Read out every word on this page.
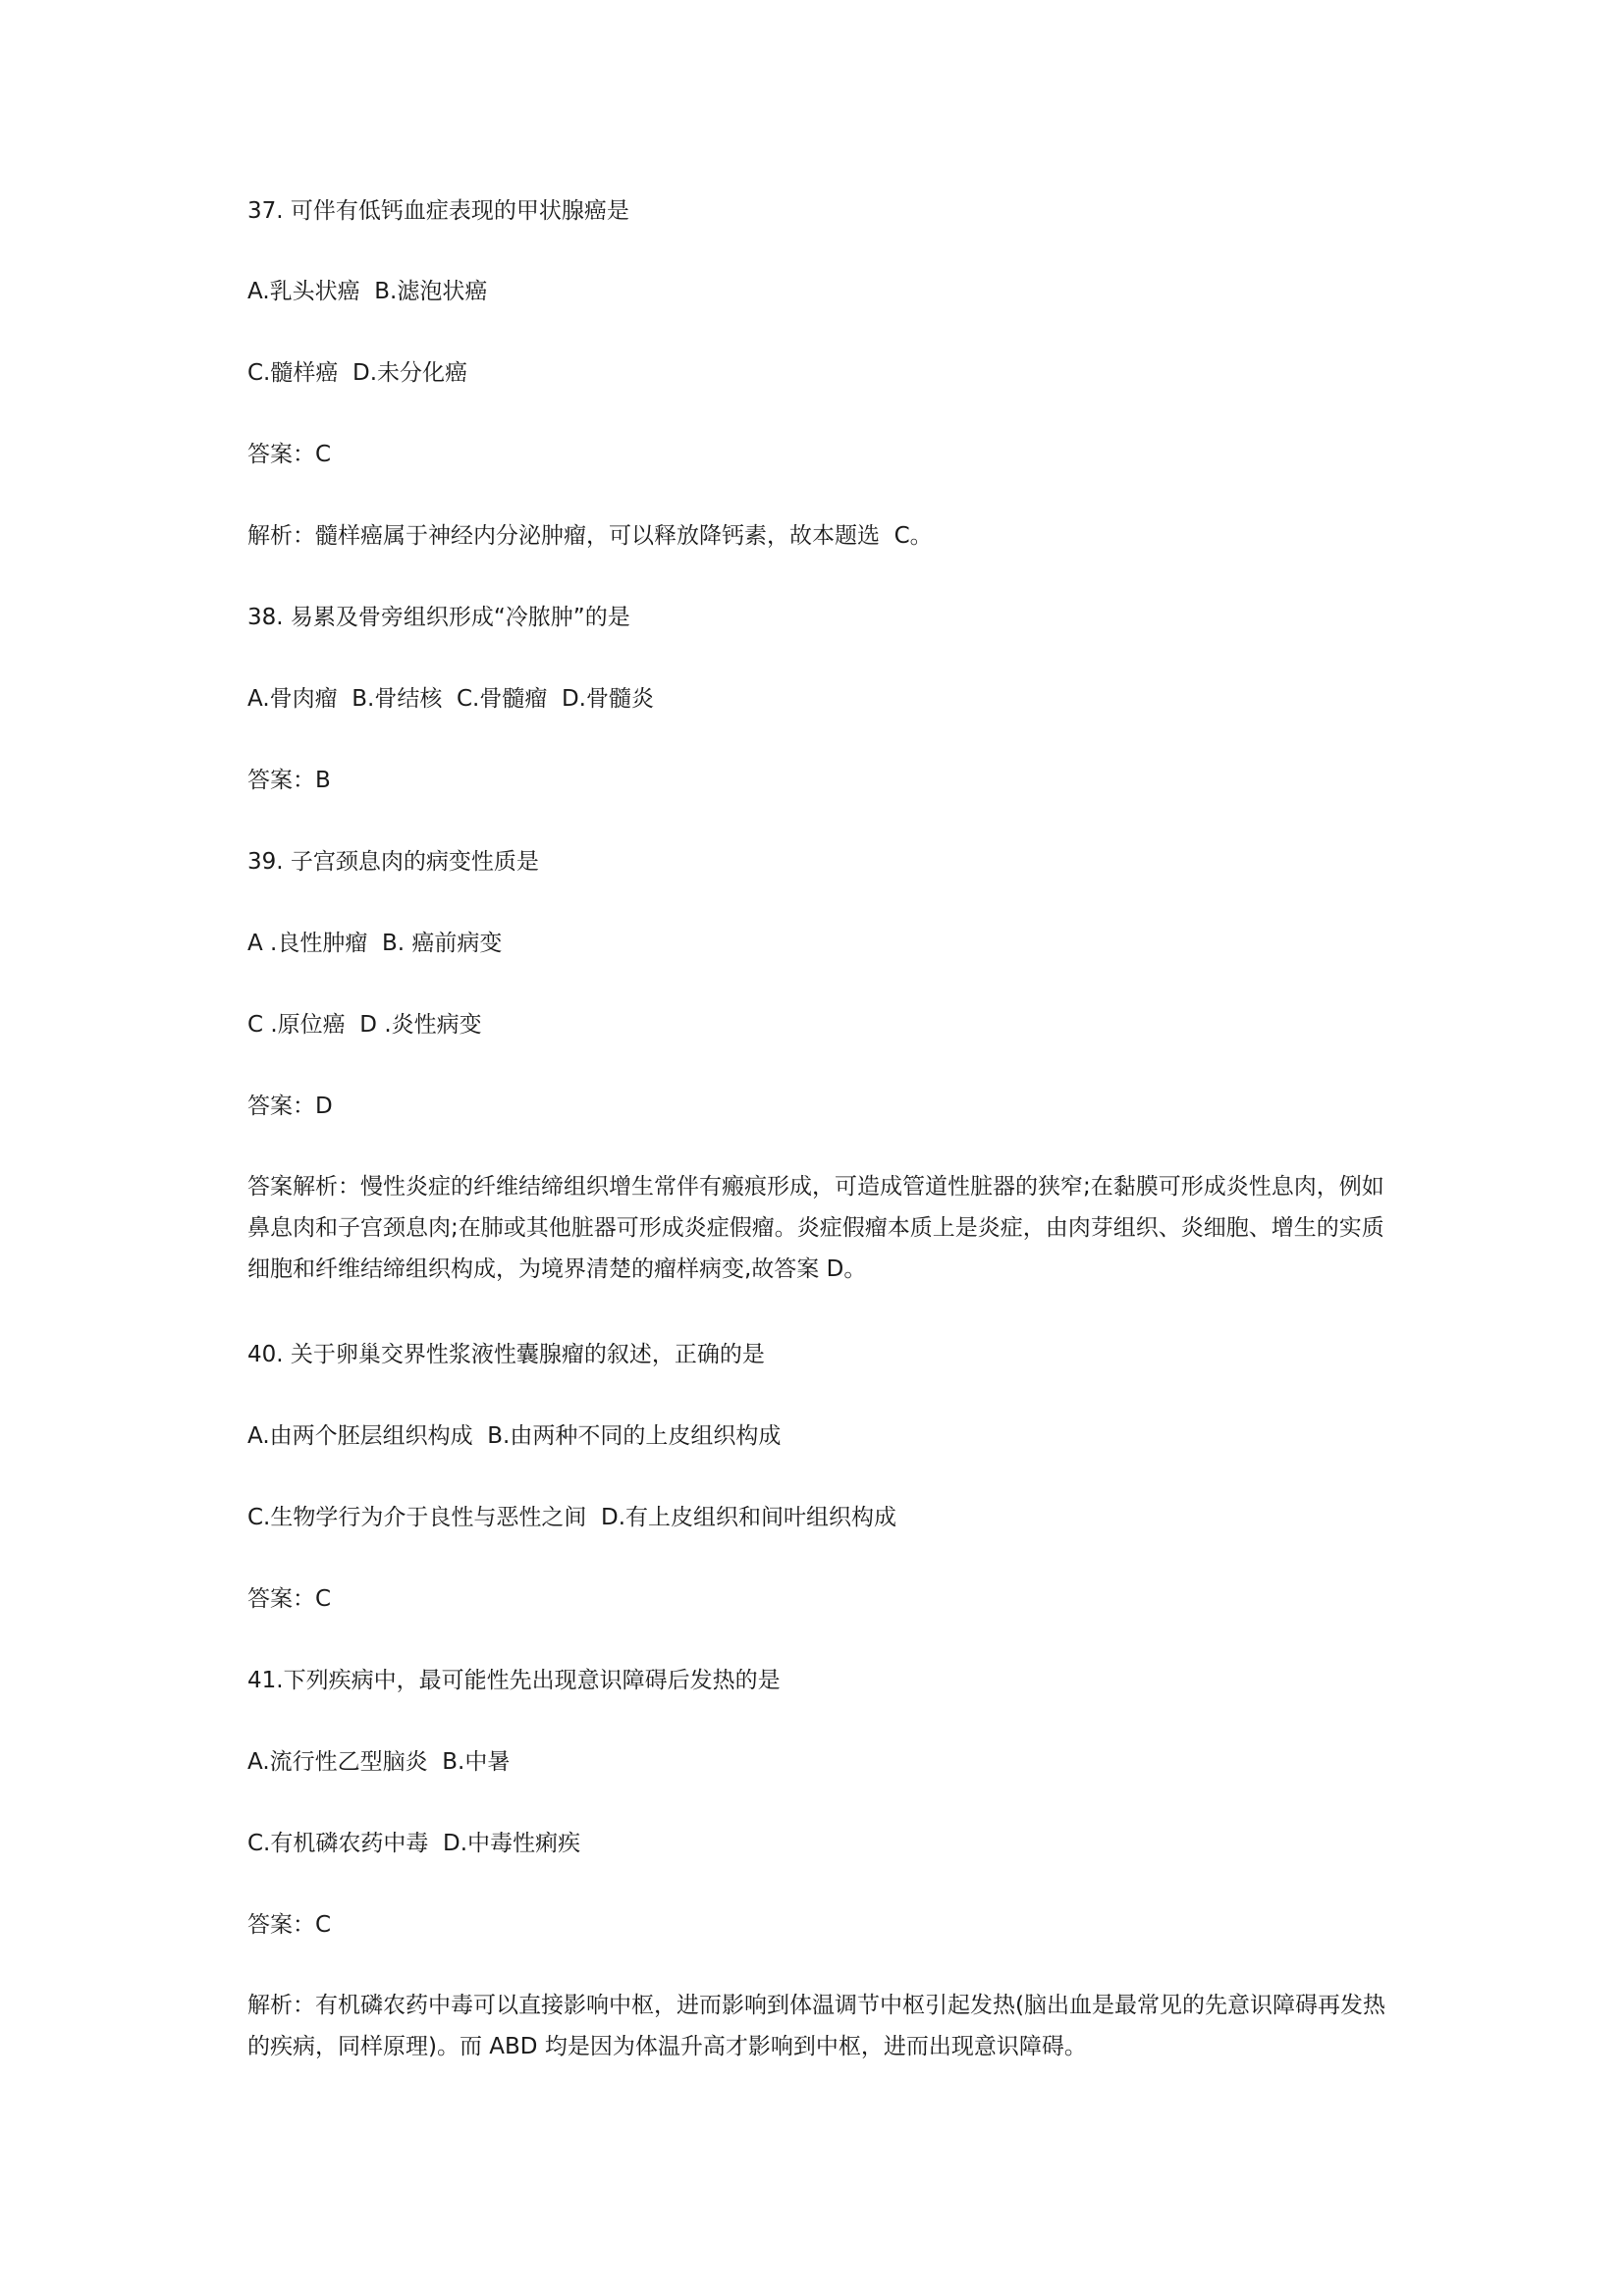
37. 可伴有低钙血症表现的甲状腺癌是

A.乳头状癌  B.滤泡状癌

C.髓样癌  D.未分化癌

答案：C

解析：髓样癌属于神经内分泌肿瘤，可以释放降钙素，故本题选  C。

38. 易累及骨旁组织形成“冷脓肿”的是

A.骨肉瘤  B.骨结核  C.骨髓瘤  D.骨髓炎

答案：B

39. 子宫颈息肉的病变性质是

A .良性肿瘤  B. 癌前病变

C .原位癌  D .炎性病变

答案：D

答案解析：慢性炎症的纤维结缔组织增生常伴有瘢痕形成，可造成管道性脏器的狭窄;在黏膜可形成炎性息肉，例如鼻息肉和子宫颈息肉;在肺或其他脏器可形成炎症假瘤。炎症假瘤本质上是炎症，由肉芽组织、炎细胞、增生的实质细胞和纤维结缔组织构成，为境界清楚的瘤样病变,故答案 D。

40. 关于卵巢交界性浆液性囊腺瘤的叙述，正确的是

A.由两个胚层组织构成  B.由两种不同的上皮组织构成

C.生物学行为介于良性与恶性之间  D.有上皮组织和间叶组织构成

答案：C

41.下列疾病中，最可能性先出现意识障碍后发热的是

A.流行性乙型脑炎  B.中暑

C.有机磷农药中毒  D.中毒性痢疾

答案：C

解析：有机磷农药中毒可以直接影响中枢，进而影响到体温调节中枢引起发热(脑出血是最常见的先意识障碍再发热的疾病，同样原理)。而 ABD 均是因为体温升高才影响到中枢，进而出现意识障碍。
